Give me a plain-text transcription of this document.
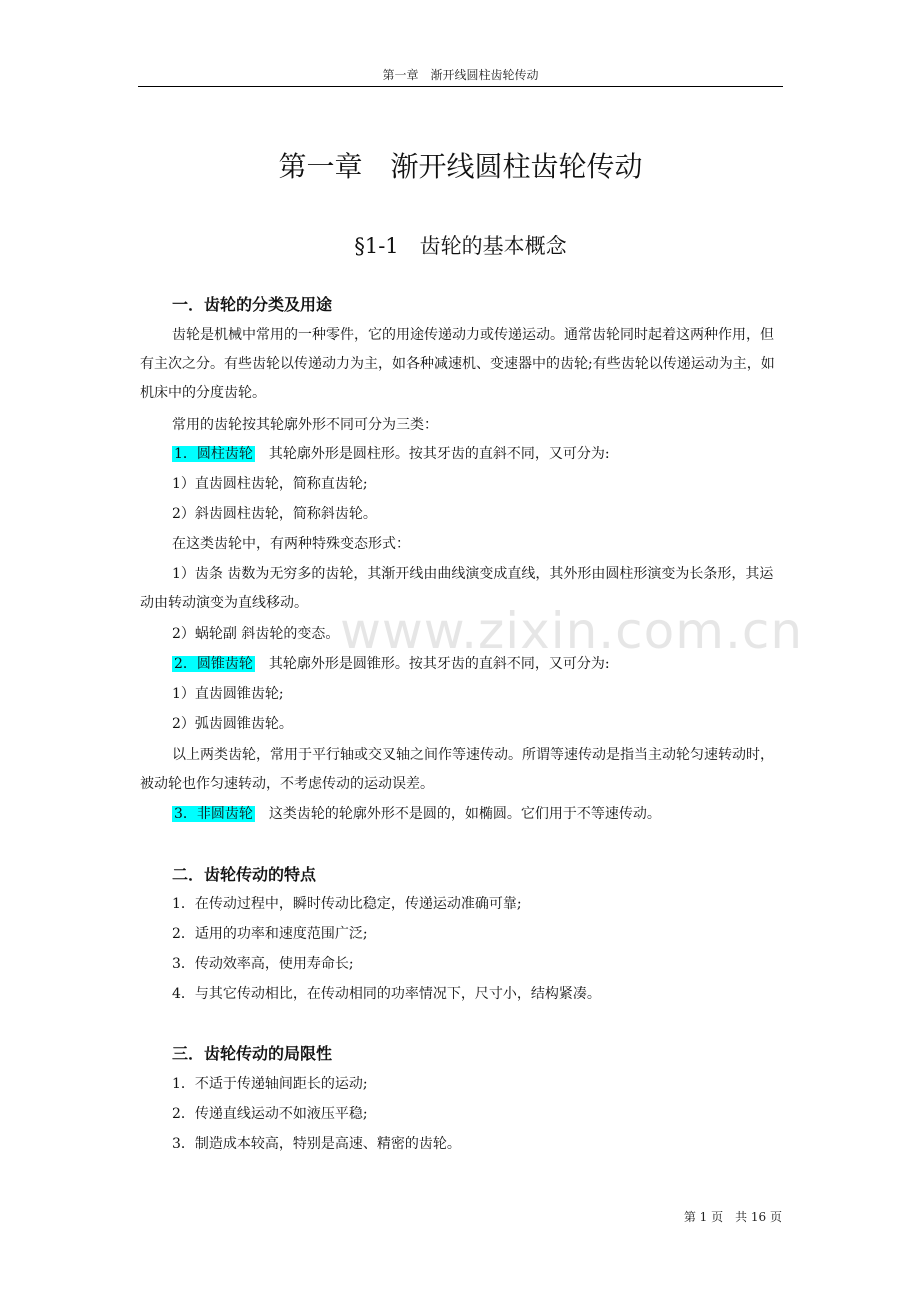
第一章　渐开线圆柱齿轮传动
第一章　渐开线圆柱齿轮传动
§1-1　齿轮的基本概念
一．齿轮的分类及用途
齿轮是机械中常用的一种零件，它的用途传递动力或传递运动。通常齿轮同时起着这两种作用，但有主次之分。有些齿轮以传递动力为主，如各种减速机、变速器中的齿轮;有些齿轮以传递运动为主，如机床中的分度齿轮。
常用的齿轮按其轮廓外形不同可分为三类：
1．圆柱齿轮 其轮廓外形是圆柱形。按其牙齿的直斜不同，又可分为:
1）直齿圆柱齿轮，简称直齿轮;
2）斜齿圆柱齿轮，简称斜齿轮。
在这类齿轮中，有两种特殊变态形式：
1）齿条 齿数为无穷多的齿轮，其渐开线由曲线演变成直线，其外形由圆柱形演变为长条形，其运动由转动演变为直线移动。
2）蜗轮副 斜齿轮的变态。
2．圆锥齿轮 其轮廓外形是圆锥形。按其牙齿的直斜不同，又可分为:
1）直齿圆锥齿轮;
2）弧齿圆锥齿轮。
以上两类齿轮，常用于平行轴或交叉轴之间作等速传动。所谓等速传动是指当主动轮匀速转动时，被动轮也作匀速转动，不考虑传动的运动误差。
3．非圆齿轮 这类齿轮的轮廓外形不是圆的，如椭圆。它们用于不等速传动。
二．齿轮传动的特点
1．在传动过程中，瞬时传动比稳定，传递运动准确可靠;
2．适用的功率和速度范围广泛;
3．传动效率高，使用寿命长;
4．与其它传动相比，在传动相同的功率情况下，尺寸小，结构紧凑。
三．齿轮传动的局限性
1．不适于传递轴间距长的运动;
2．传递直线运动不如液压平稳;
3．制造成本较高，特别是高速、精密的齿轮。
www.zixin.com.cn
第 1 页　共 16 页
